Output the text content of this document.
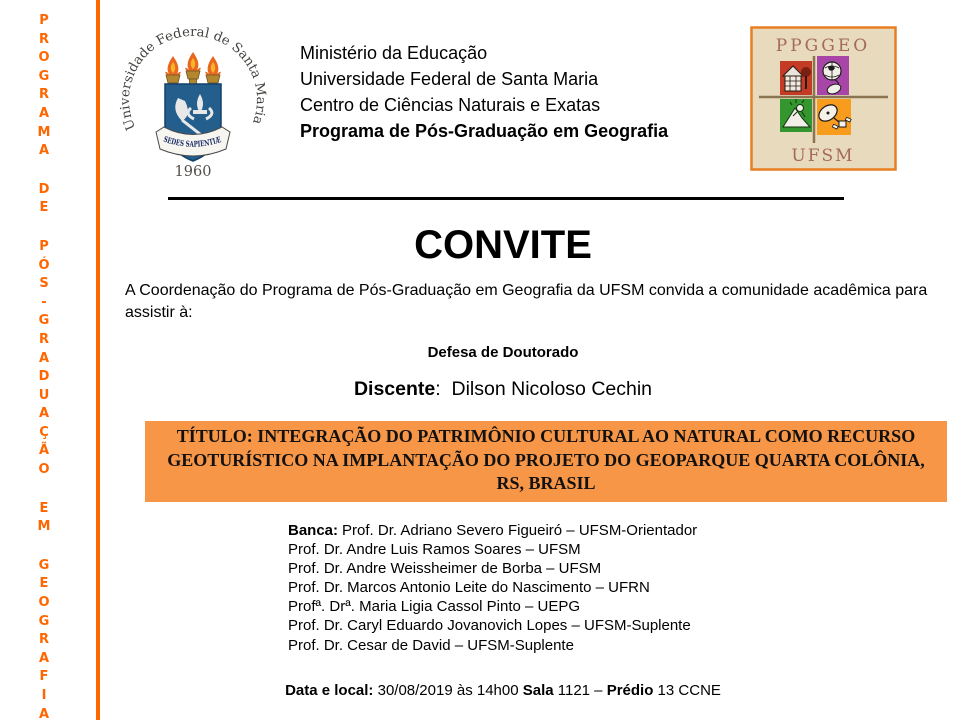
P
R
O
G
R
A
M
A
D
E
P
Ó
S
-
G
R
A
D
U
A
Ç
Ã
O
E
M
G
E
O
G
R
A
F
I
A
Universidade Federal de Santa Maria
SEDES SAPIENTIÆ
1960
Ministério da Educação
Universidade Federal de Santa Maria
Centro de Ciências Naturais e Exatas
Programa de Pós-Graduação em Geografia
PPGGEO
UFSM
CONVITE
A Coordenação do Programa de Pós-Graduação em Geografia da UFSM convida a comunidade acadêmica para assistir à:
Defesa de Doutorado
Discente:  Dilson Nicoloso Cechin
TÍTULO: INTEGRAÇÃO DO PATRIMÔNIO CULTURAL AO NATURAL COMO RECURSO GEOTURÍSTICO NA IMPLANTAÇÃO DO PROJETO DO GEOPARQUE QUARTA COLÔNIA, RS, BRASIL
Banca: Prof. Dr. Adriano Severo Figueiró – UFSM-Orientador
Prof. Dr. Andre Luis Ramos Soares – UFSM
Prof. Dr. Andre Weissheimer de Borba – UFSM
Prof. Dr. Marcos Antonio Leite do Nascimento – UFRN
Profª. Drª. Maria Ligia Cassol Pinto – UEPG
Prof. Dr. Caryl Eduardo Jovanovich Lopes – UFSM-Suplente
Prof. Dr. Cesar de David – UFSM-Suplente
Data e local: 30/08/2019 às 14h00 Sala 1121 – Prédio 13 CCNE
